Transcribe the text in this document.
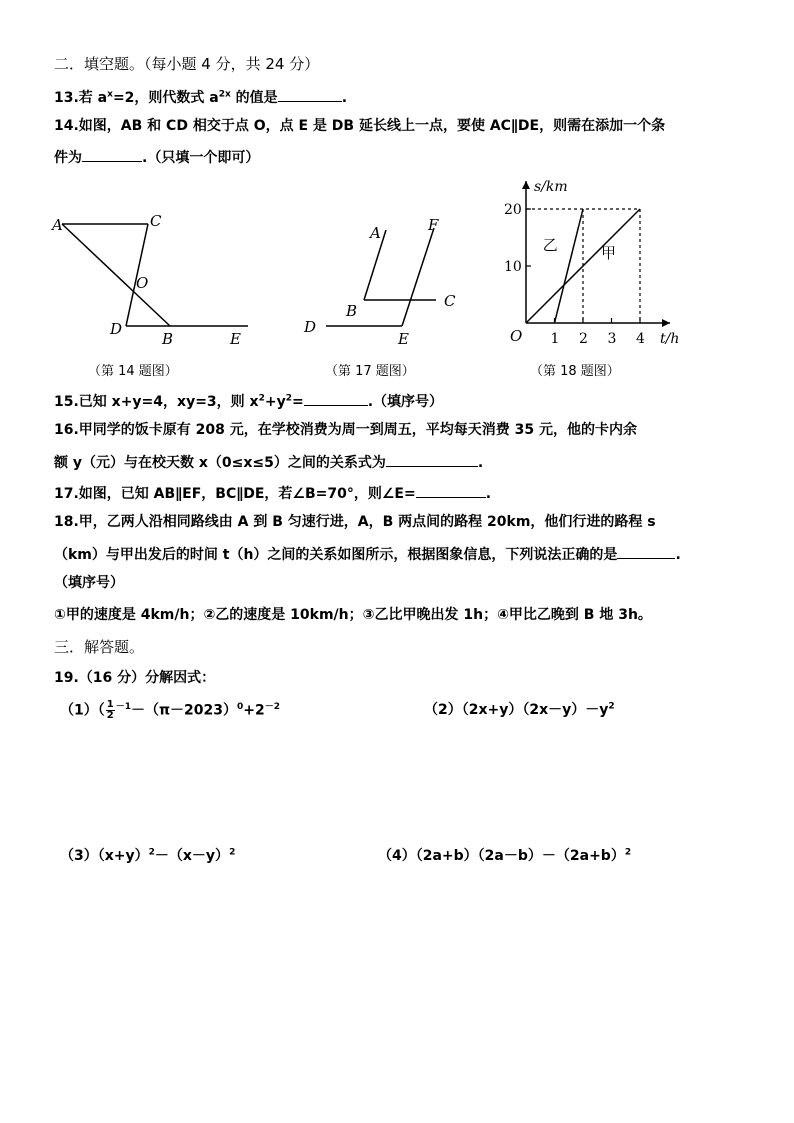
二．填空题。（每小题 4 分，共 24 分）
13.若 $a^x=2$，则代数式 $a^{2x}$ 的值是	.
14.如图，AB 和 CD 相交于点 O，点 E 是 DB 延长线上一点，要使 AC∥DE，则需在添加一个条
件为	.（只填一个即可）
A	C
O
D
B	E
（第 14 题图）
A	F
B
C
D
E
（第 17 题图）
1 2 3 4
10
20
甲
乙
O	t/h
s/km
（第 18 题图）
15.已知 x+y=4，xy=3，则 $x^2+y^2=$	.（填序号）
16.甲同学的饭卡原有 208 元，在学校消费为周一到周五，平均每天消费 35 元，他的卡内余
额 y（元）与在校天数 x（0≤x≤5）之间的关系式为	.
17.如图，已知 AB∥EF，BC∥DE，若∠B=70°，则∠E=	.
18.甲，乙两人沿相同路线由 A 到 B 匀速行进，A，B 两点间的路程 20km，他们行进的路程 s
（km）与甲出发后的时间 t（h）之间的关系如图所示，根据图象信息，下列说法正确的是	.
（填序号）
①甲的速度是 4km/h；②乙的速度是 10km/h；③乙比甲晚出发 1h；④甲比乙晚到 B 地 3h。
三．解答题。
19.（16 分）分解因式：
$(1)( \frac{1}{2} ^{-1}-(\pi-2023)^0+2^{-2}$	$(2)(2x+y)(2x-y)-y^2$
$(3)(x+y)^2-(x-y)^2$	$(4)(2a+b)(2a-b)-(2a+b)^2$
